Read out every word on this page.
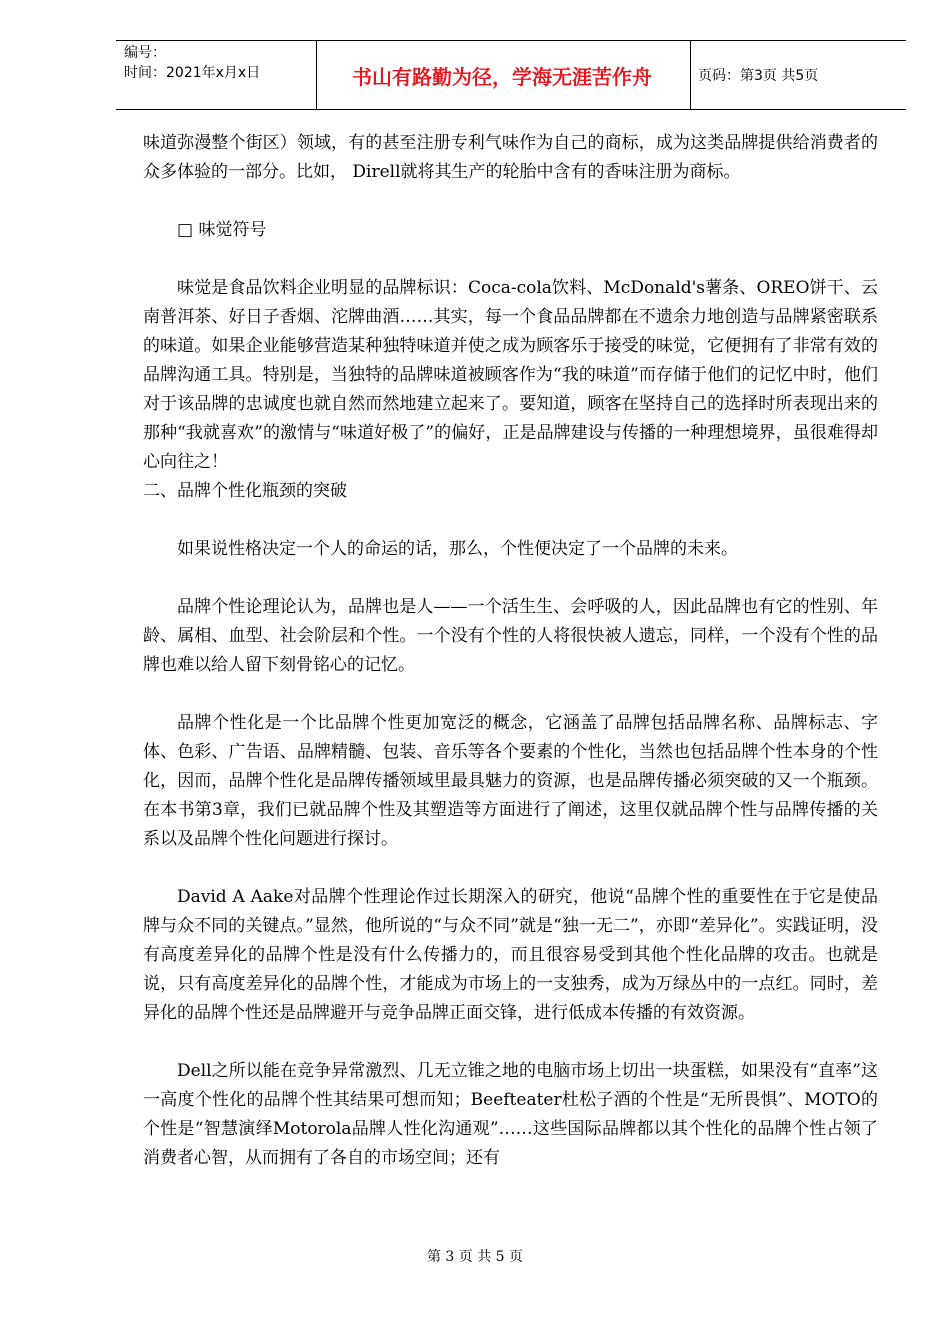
编号：
时间：2021年x月x日	书山有路勤为径，学海无涯苦作舟	页码：第3页 共5页

味道弥漫整个街区）领域，有的甚至注册专利气味作为自己的商标，成为这类品牌提供给消费者的众多体验的一部分。比如， Direll就将其生产的轮胎中含有的香味注册为商标。

□ 味觉符号

味觉是食品饮料企业明显的品牌标识：Coca-cola饮料、McDonald's薯条、OREO饼干、云南普洱茶、好日子香烟、沱牌曲酒……其实，每一个食品品牌都在不遗余力地创造与品牌紧密联系的味道。如果企业能够营造某种独特味道并使之成为顾客乐于接受的味觉，它便拥有了非常有效的品牌沟通工具。特别是，当独特的品牌味道被顾客作为“我的味道”而存储于他们的记忆中时，他们对于该品牌的忠诚度也就自然而然地建立起来了。要知道，顾客在坚持自己的选择时所表现出来的那种“我就喜欢”的激情与“味道好极了”的偏好，正是品牌建设与传播的一种理想境界，虽很难得却心向往之！

二、品牌个性化瓶颈的突破

如果说性格决定一个人的命运的话，那么，个性便决定了一个品牌的未来。

品牌个性论理论认为，品牌也是人——一个活生生、会呼吸的人，因此品牌也有它的性别、年龄、属相、血型、社会阶层和个性。一个没有个性的人将很快被人遗忘，同样，一个没有个性的品牌也难以给人留下刻骨铭心的记忆。

品牌个性化是一个比品牌个性更加宽泛的概念，它涵盖了品牌包括品牌名称、品牌标志、字体、色彩、广告语、品牌精髓、包装、音乐等各个要素的个性化，当然也包括品牌个性本身的个性化，因而，品牌个性化是品牌传播领域里最具魅力的资源，也是品牌传播必须突破的又一个瓶颈。在本书第3章，我们已就品牌个性及其塑造等方面进行了阐述，这里仅就品牌个性与品牌传播的关系以及品牌个性化问题进行探讨。

David A Aake对品牌个性理论作过长期深入的研究，他说“品牌个性的重要性在于它是使品牌与众不同的关键点。”显然，他所说的“与众不同”就是“独一无二”，亦即“差异化”。实践证明，没有高度差异化的品牌个性是没有什么传播力的，而且很容易受到其他个性化品牌的攻击。也就是说，只有高度差异化的品牌个性，才能成为市场上的一支独秀，成为万绿丛中的一点红。同时，差异化的品牌个性还是品牌避开与竞争品牌正面交锋，进行低成本传播的有效资源。

Dell之所以能在竞争异常激烈、几无立锥之地的电脑市场上切出一块蛋糕，如果没有“直率”这一高度个性化的品牌个性其结果可想而知；Beefteater杜松子酒的个性是“无所畏惧”、MOTO的个性是“智慧演绎Motorola品牌人性化沟通观”……这些国际品牌都以其个性化的品牌个性占领了消费者心智，从而拥有了各自的市场空间；还有

第 3 页 共 5 页
